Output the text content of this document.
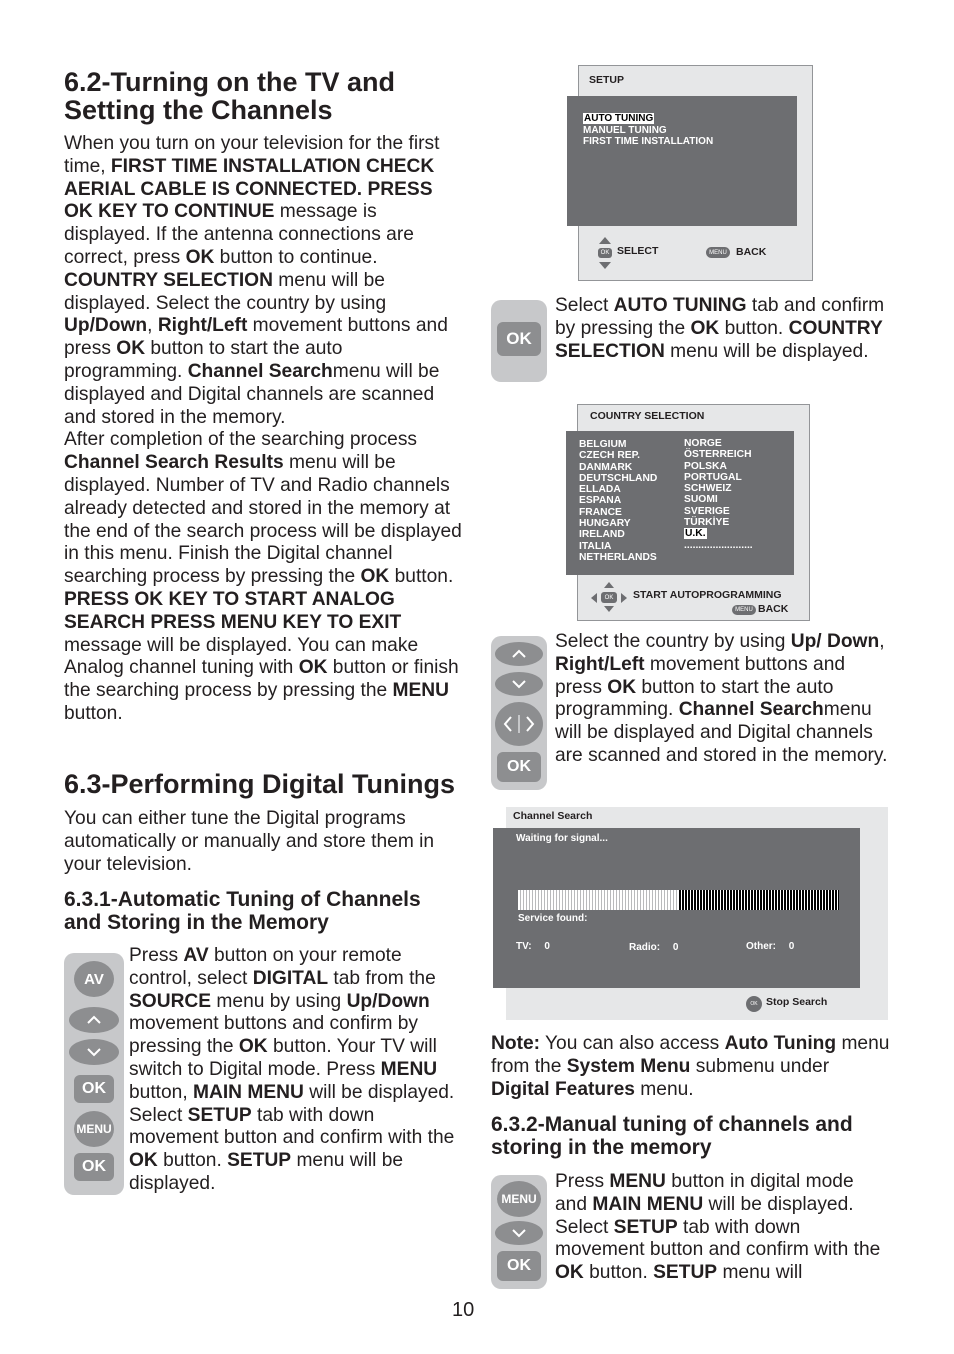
6.2-Turning on the TV and
Setting the Channels

When you turn on your television for the first time, FIRST TIME INSTALLATION CHECK AERIAL CABLE IS CONNECTED. PRESS OK KEY TO CONTINUE message is displayed. If the antenna connections are correct, press OK button to continue. COUNTRY SELECTION menu will be displayed. Select the country by using Up/Down, Right/Left movement buttons and press OK button to start the auto programming. Channel Searchmenu will be displayed and Digital channels are scanned and stored in the memory.

After completion of the searching process Channel Search Results menu will be displayed. Number of TV and Radio channels already detected and stored in the memory at the end of the search process will be displayed in this menu. Finish the Digital channel searching process by pressing the OK button.

PRESS OK KEY TO START ANALOG SEARCH PRESS MENU KEY TO EXIT message will be displayed. You can make Analog channel tuning with OK button or finish the searching process by pressing the MENU button.

6.3-Performing Digital Tunings

You can either tune the Digital programs automatically or manually and store them in your television.

6.3.1-Automatic Tuning of Channels
and Storing in the Memory
AV
OK
MENU
OK

Press AV button on your remote control, select DIGITAL tab from the SOURCE menu by using Up/Down movement buttons and confirm by pressing the OK button. Your TV will switch to Digital mode. Press MENU button, MAIN MENU will be displayed. Select SETUP tab with down movement button and confirm with the OK button. SETUP menu will be displayed.

SETUP
AUTO TUNING
MANUEL TUNING
FIRST TIME INSTALLATION
OK SELECT	MENU BACK
OK

Select AUTO TUNING tab and confirm by pressing the OK button. COUNTRY SELECTION menu will be displayed.

COUNTRY SELECTION
BELGIUM
CZECH REP.
DANMARK
DEUTSCHLAND
ELLADA
ESPANA
FRANCE
HUNGARY
IRELAND
ITALIA
NETHERLANDS
NORGE
ÖSTERREICH
POLSKA
PORTUGAL
SCHWEIZ
SUOMI
SVERIGE
TÜRKİYE
U.K.
........................
OK	START AUTOPROGRAMMING
MENU BACK
OK

Select the country by using Up/ Down, Right/Left movement buttons and press OK button to start the auto programming. Channel Searchmenu will be displayed and Digital channels are scanned and stored in the memory.

Channel Search
Waiting for signal...
Service found:
TV: 0	Radio: 0	Other: 0
OK Stop Search

Note: You can also access Auto Tuning menu from the System Menu submenu under Digital Features menu.

6.3.2-Manual tuning of channels and
storing in the memory
MENU
OK

Press MENU button in digital mode and MAIN MENU will be displayed. Select SETUP tab with down movement button and confirm with the OK button. SETUP menu will

10
